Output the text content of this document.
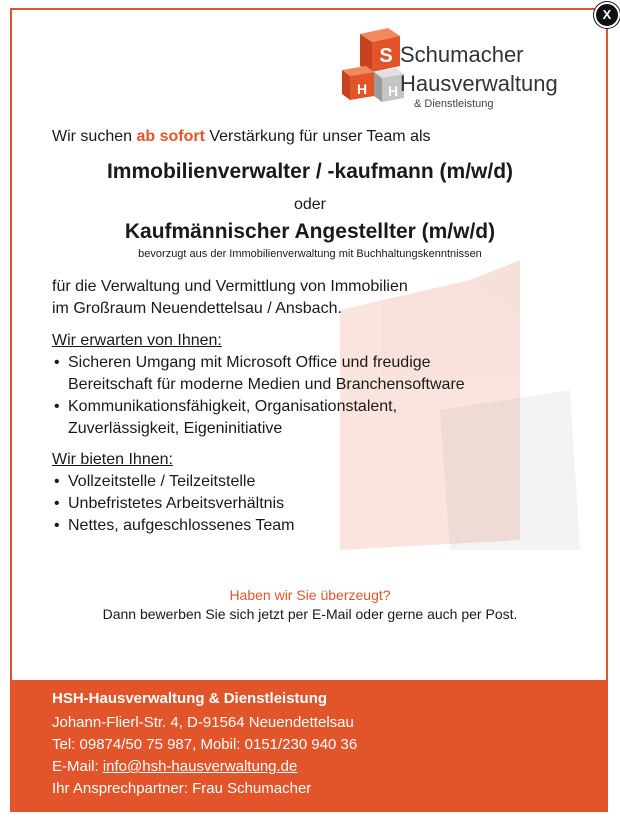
S
H H
Schumacher
Hausverwaltung
& Dienstleistung
X
Wir suchen ab sofort Verstärkung für unser Team als
Immobilienverwalter / -kaufmann (m/w/d)
oder
Kaufmännischer Angestellter (m/w/d)
bevorzugt aus der Immobilienverwaltung mit Buchhaltungskenntnissen
für die Verwaltung und Vermittlung von Immobilien
im Großraum Neuendettelsau / Ansbach.
Wir erwarten von Ihnen:
• Sicheren Umgang mit Microsoft Office und freudige
Bereitschaft für moderne Medien und Branchensoftware
• Kommunikationsfähigkeit, Organisationstalent,
Zuverlässigkeit, Eigeninitiative
Wir bieten Ihnen:
• Vollzeitstelle / Teilzeitstelle
• Unbefristetes Arbeitsverhältnis
• Nettes, aufgeschlossenes Team
Haben wir Sie überzeugt?
Dann bewerben Sie sich jetzt per E-Mail oder gerne auch per Post.
HSH-Hausverwaltung & Dienstleistung
Johann-Flierl-Str. 4, D-91564 Neuendettelsau
Tel: 09874/50 75 987, Mobil: 0151/230 940 36
E-Mail: info@hsh-hausverwaltung.de
Ihr Ansprechpartner: Frau Schumacher
